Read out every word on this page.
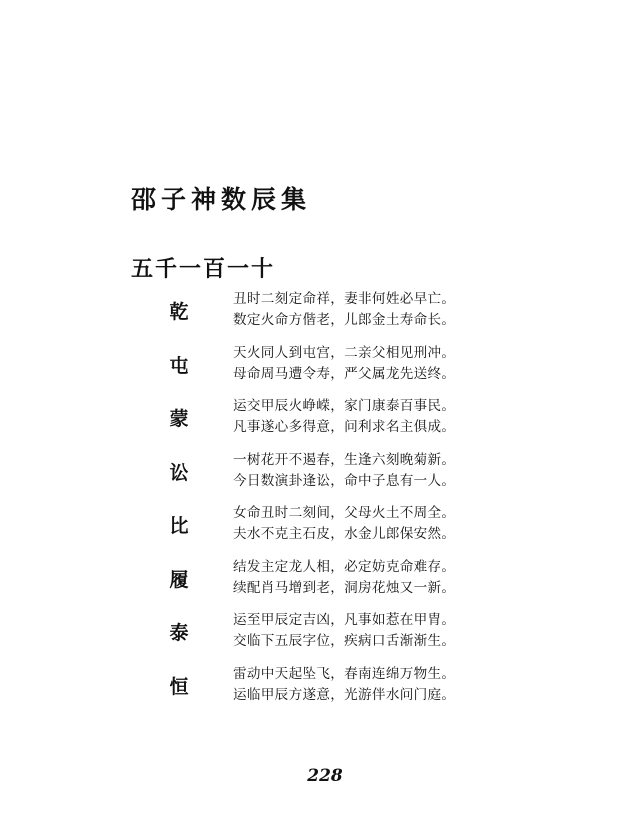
邵子神数辰集
五千一百一十
乾
丑时二刻定命祥，妻非何姓必早亡。
数定火命方偕老，儿郎金土寿命长。
屯
天火同人到屯宫，二亲父相见刑冲。
母命周马遭令寿，严父属龙先送终。
蒙
运交甲辰火峥嵘，家门康泰百事民。
凡事遂心多得意，问利求名主俱成。
讼
一树花开不遏春，生逢六刻晚菊新。
今日数演卦逢讼，命中子息有一人。
比
女命丑时二刻间，父母火土不周全。
夫水不克主石皮，水金儿郎保安然。
履
结发主定龙人相，必定妨克命难存。
续配肖马增到老，洞房花烛又一新。
泰
运至甲辰定吉凶，凡事如惹在甲胄。
交临下五辰字位，疾病口舌渐渐生。
恒
雷动中天起坠飞，春南连绵万物生。
运临甲辰方遂意，光游伴水问门庭。
228
